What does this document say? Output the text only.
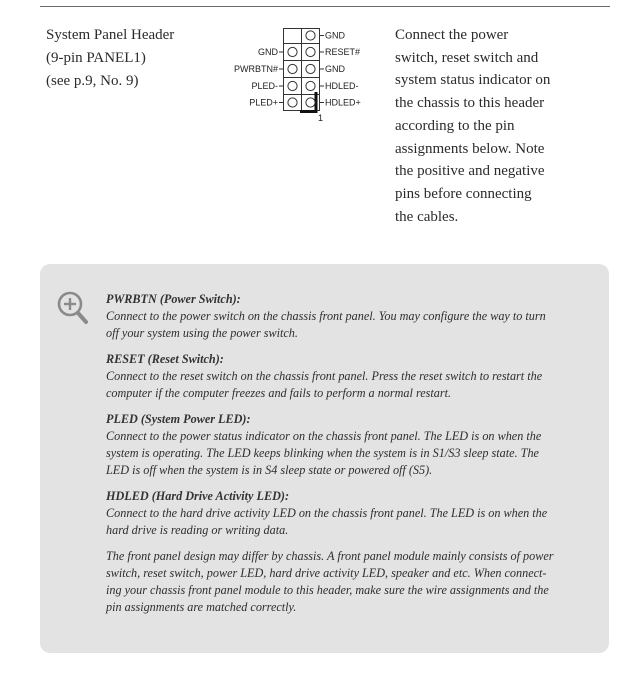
System Panel Header
(9-pin PANEL1)
(see p.9, No. 9)
GND
RESET#
GND
HDLED-
HDLED+
GND
PWRBTN#
PLED-
PLED+
1
Connect the power
switch, reset switch and
system status indicator on
the chassis to this header
according to the pin
assignments below. Note
the positive and negative
pins before connecting
the cables.
PWRBTN (Power Switch):
Connect to the power switch on the chassis front panel. You may configure the way to turn
off your system using the power switch.
RESET (Reset Switch):
Connect to the reset switch on the chassis front panel. Press the reset switch to restart the
computer if the computer freezes and fails to perform a normal restart.
PLED (System Power LED):
Connect to the power status indicator on the chassis front panel. The LED is on when the
system is operating. The LED keeps blinking when the system is in S1/S3 sleep state. The
LED is off when the system is in S4 sleep state or powered off (S5).
HDLED (Hard Drive Activity LED):
Connect to the hard drive activity LED on the chassis front panel. The LED is on when the
hard drive is reading or writing data.
The front panel design may differ by chassis. A front panel module mainly consists of power
switch, reset switch, power LED, hard drive activity LED, speaker and etc. When connect-
ing your chassis front panel module to this header, make sure the wire assignments and the
pin assignments are matched correctly.
